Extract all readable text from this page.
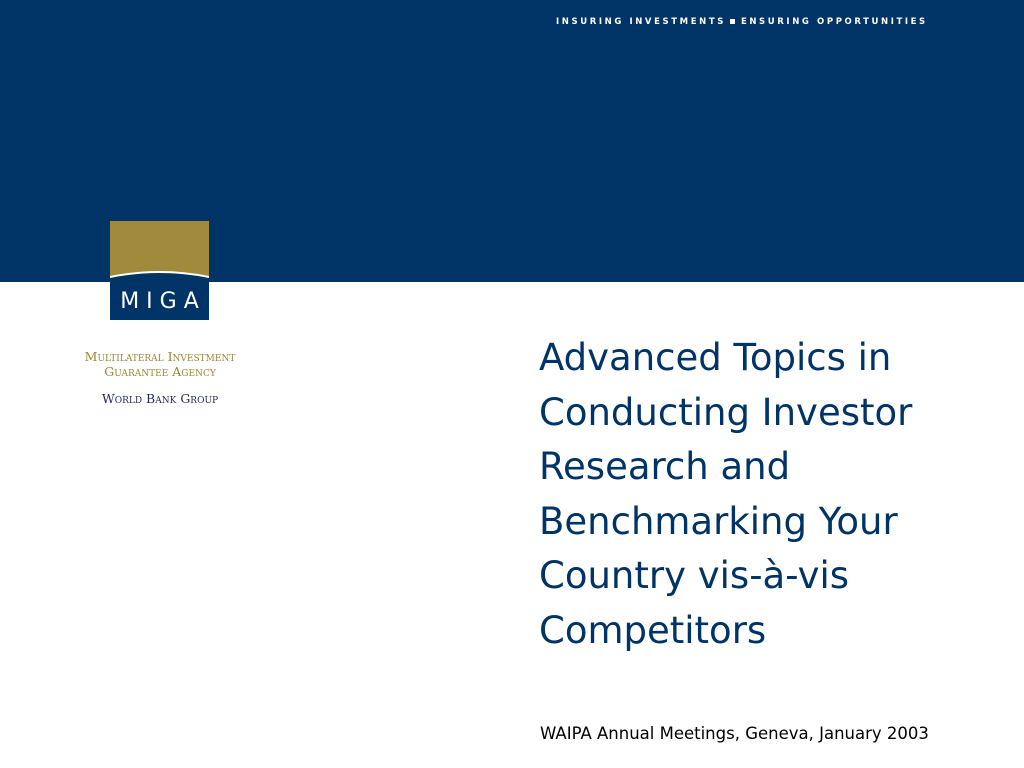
INSURING INVESTMENTS ENSURING OPPORTUNITIES
MIGA
Multilateral Investment
Guarantee Agency
World Bank Group
Advanced Topics in Conducting Investor Research and Benchmarking Your Country vis-à-vis Competitors
WAIPA Annual Meetings, Geneva, January 2003
